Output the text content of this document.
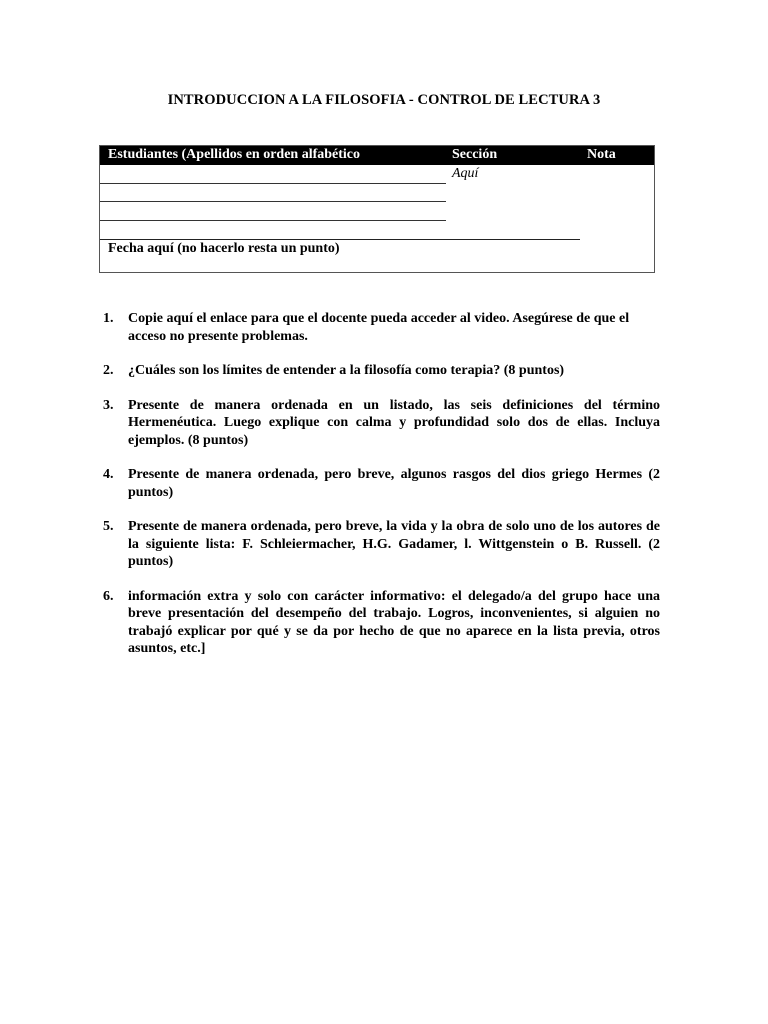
INTRODUCCION A LA FILOSOFIA - CONTROL DE LECTURA 3
Estudiantes (Apellidos en orden alfabético	Sección	Nota
Aquí
Fecha aquí (no hacerlo resta un punto)
1. Copie aquí el enlace para que el docente pueda acceder al video. Asegúrese de que el acceso no presente problemas.
2. ¿Cuáles son los límites de entender a la filosofía como terapia? (8 puntos)
3. Presente de manera ordenada en un listado, las seis definiciones del término Hermenéutica. Luego explique con calma y profundidad solo dos de ellas. Incluya ejemplos. (8 puntos)
4. Presente de manera ordenada, pero breve, algunos rasgos del dios griego Hermes (2 puntos)
5. Presente de manera ordenada, pero breve, la vida y la obra de solo uno de los autores de la siguiente lista: F. Schleiermacher, H.G. Gadamer, l. Wittgenstein o B. Russell. (2 puntos)
6. información extra y solo con carácter informativo: el delegado/a del grupo hace una breve presentación del desempeño del trabajo. Logros, inconvenientes, si alguien no trabajó explicar por qué y se da por hecho de que no aparece en la lista previa, otros asuntos, etc.]
